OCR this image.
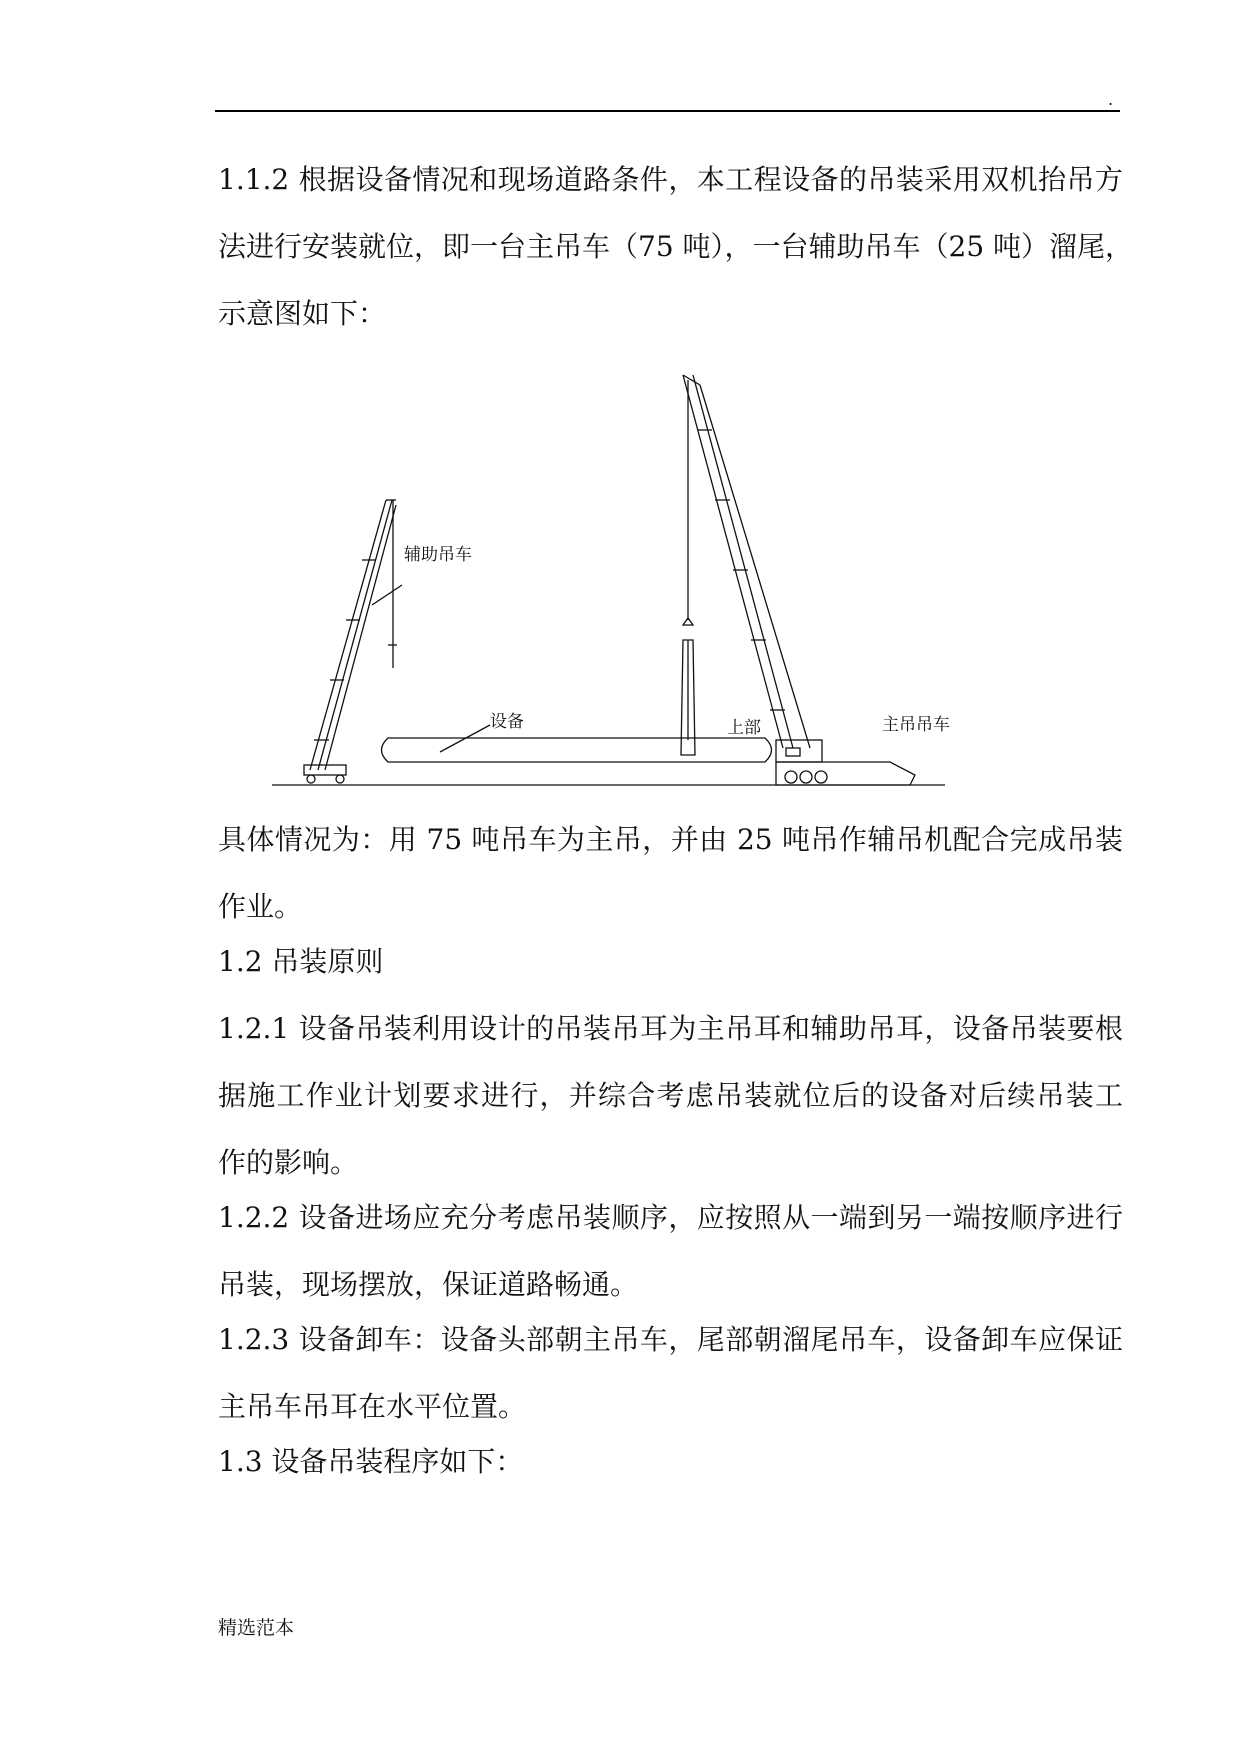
.

1.1.2 根据设备情况和现场道路条件，本工程设备的吊装采用双机抬吊方
法进行安装就位，即一台主吊车（75 吨），一台辅助吊车（25 吨）溜尾，
示意图如下：

辅助吊车
设备	上部	主吊吊车

具体情况为：用 75 吨吊车为主吊，并由 25 吨吊作辅吊机配合完成吊装
作业。

1.2 吊装原则

1.2.1 设备吊装利用设计的吊装吊耳为主吊耳和辅助吊耳，设备吊装要根
据施工作业计划要求进行，并综合考虑吊装就位后的设备对后续吊装工
作的影响。

1.2.2 设备进场应充分考虑吊装顺序，应按照从一端到另一端按顺序进行
吊装，现场摆放，保证道路畅通。

1.2.3 设备卸车：设备头部朝主吊车，尾部朝溜尾吊车，设备卸车应保证
主吊车吊耳在水平位置。

1.3 设备吊装程序如下：

精选范本
